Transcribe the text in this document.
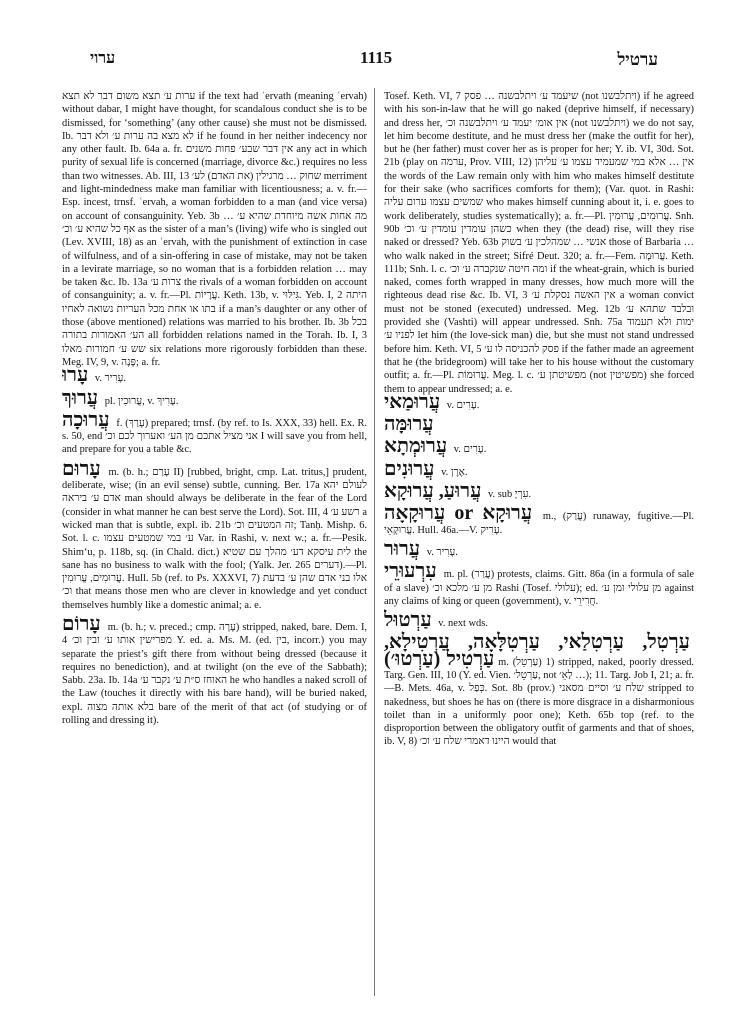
ערוי	1115	ערטיל
ערות ע׳ תצא משום דבר לא תצא if the text had ʿervath (meaning ʿervah) without dabar, I might have thought, for scandalous conduct she is to be dismissed, for ‘something’ (any other cause) she must not be dismissed. Ib. לא מצא בה ערות ע׳ ולא דבר if he found in her neither indecency nor any other fault. Ib. 64a a. fr. אין דבר שבע׳ פחות משנים any act in which purity of sexual life is concerned (marriage, divorce &c.) requires no less than two witnesses. Ab. III, 13 שחוק … מרגילין (את האדם) לע׳ merriment and light-mindedness make man familiar with licentiousness; a. v. fr.—Esp. incest, trnsf. ʿervah, a woman forbidden to a man (and vice versa) on account of consanguinity. Yeb. 3b מה אחות אשה מיוחדת שהיא ע׳ … אף כל שהיא ע׳ וכ׳ as the sister of a man’s (living) wife who is singled out (Lev. XVIII, 18) as an ʿervah, with the punishment of extinction in case of wilfulness, and of a sin-offering in case of mistake, may not be taken in a levirate marriage, so no woman that is a forbidden relation … may be taken &c. Ib. 13a צרות ע׳ the rivals of a woman forbidden on account of consanguinity; a. v. fr.—Pl. עֲרָיוֹת. Keth. 13b, v. גִּילּוּי. Yeb. I, 2 היתה בתו או אחת מכל העריות נשואה לאחיו if a man’s daughter or any other of those (above mentioned) relations was married to his brother. Ib. 3b בכל הע׳ האמורות בתורה all forbidden relations named in the Torah. Ib. I, 3 שש ע׳ חמורות מאלו six relations more rigorously forbidden than these. Meg. IV, 9, v. פָּנָה; a. fr.
עָרוּ v. עָרִיר.
עֲרוּךְ pl. עֲרוּכִין, v. עָרִיךְ.
עֲרוּכָה f. (עָרַךְ) prepared; trnsf. (by ref. to Is. XXX, 33) hell. Ex. R. s. 50, end אני מציל אתכם מן הע׳ ואערוך לכם וכ׳ I will save you from hell, and prepare for you a table &c.
עָרוּם m. (b. h.; עָרַם II) [rubbed, bright, cmp. Lat. tritus,] prudent, deliberate, wise; (in an evil sense) subtle, cunning. Ber. 17a לעולם יהא אדם ע׳ ביראה man should always be deliberate in the fear of the Lord (consider in what manner he can best serve the Lord). Sot. III, 4 רשע ע׳ a wicked man that is subtle, expl. ib. 21b זה המטעים וכ׳; Tanḥ. Mishp. 6. Sot. l. c. ע׳ במי שמטעים עצמו Var. in Rashi, v. next w.; a. fr.—Pesik. Shim‘u, p. 118b, sq. (in Chald. dict.) לית עיסקא דע׳ מהלך עם שטיא the sane has no business to walk with the fool; (Yalk. Jer. 265 דערים).—Pl. עֲרוּמִים, עֲרוּמִין. Hull. 5b (ref. to Ps. XXXVI, 7) אלו בני אדם שהן ע׳ בדעת וכ׳ that means those men who are clever in knowledge and yet conduct themselves humbly like a domestic animal; a. e.
עָרוֹם m. (b. h.; v. preced.; cmp. עָרָה) stripped, naked, bare. Dem. I, 4 מפרישין אותו ע׳ ובין וכ׳ Y. ed. a. Ms. M. (ed. בין, incorr.) you may separate the priest’s gift there from without being dressed (because it requires no benediction), and at twilight (on the eve of the Sabbath); Sabb. 23a. Ib. 14a האוחז ס״ת ע׳ נקבר ע׳ he who handles a naked scroll of the Law (touches it directly with his bare hand), will be buried naked, expl. בלא אותה מצוה bare of the merit of that act (of studying or of rolling and dressing it).
Tosef. Keth. VI, 7 שיעמד ע׳ ויתלבשנה … פסק (not ויתלבשנו) if he agreed with his son-in-law that he will go naked (deprive himself, if necessary) and dress her, אין אומ׳ יעמד ע׳ ויתלבשנה וכ׳ (not ויתלבשנו) we do not say, let him become destitute, and he must dress her (make the outfit for her), but he (her father) must cover her as is proper for her; Y. ib. VI, 30d. Sot. 21b (play on ערמה, Prov. VIII, 12) אין … אלא במי שמעמיד עצמו ע׳ עליהן the words of the Law remain only with him who makes himself destitute for their sake (who sacrifices comforts for them); (Var. quot. in Rashi: שמשים עצמו ערום עליה who makes himself cunning about it, i. e. goes to work deliberately, studies systematically); a. fr.—Pl. עֲרוּמִים, עֲרוּמִין. Snh. 90b כשהן עומדין עומדין ע׳ וכ׳ when they (the dead) rise, will they rise naked or dressed? Yeb. 63b אנשי … שמהלכין ע׳ בשוק those of Barbaria … who walk naked in the street; Sifré Deut. 320; a. fr.—Fem. עֲרוּמָה. Keth. 111b; Snh. l. c. ומה חיטה שנקברה ע׳ וכ׳ if the wheat-grain, which is buried naked, comes forth wrapped in many dresses, how much more will the righteous dead rise &c. Ib. VI, 3 אין האשה נסקלת ע׳ a woman convict must not be stoned (executed) undressed. Meg. 12b ובלבד שתהא ע׳ provided she (Vashti) will appear undressed. Snh. 75a ימות ולא תעמוד לפניו ע׳ let him (the love-sick man) die, but she must not stand undressed before him. Keth. VI, 5 פסק להכניסה לו ע׳ if the father made an agreement that he (the bridegroom) will take her to his house without the customary outfit; a. fr.—Pl. עֲרוּמוֹת. Meg. l. c. מפשיטתן ע׳ (not מפשיטין) she forced them to appear undressed; a. e.
עֲרוּמַאי v. עָרִים.
עֲרוּמָּה
עֲרוּמְתָא v. עָרִים.
עֲרוּנִים v. אֶרֶן.
עֲרוּעַ, עֲרוּקָא v. sub עִרְיָ.
עֲרוּקָא or עֲרוּקָאָה m., (עֲרַק) runaway, fugitive.—Pl. עֲרוּקָאֵי. Hull. 46a.—V. עָרִיק.
עֲרוּר v. עָרִיר.
עִרְעוּרֵי m. pl. (עֲרַר) protests, claims. Gitt. 86a (in a formula of sale of a slave) מן ע׳ מלכא וכ׳ Rashi (Tosef. עלולי); ed. מן עלולי ומן ע׳ against any claims of king or queen (government), v. חֲרִירֵי.
עַרְטוּל v. next wds.
עַרְטִל, עַרְטִלַאי, עַרְטִלָּאָה, עַרְטִילָא, עַרְטִיל (עַרְטוּ׳) m. (עַרְטֵל) 1) stripped, naked, poorly dressed. Targ. Gen. III, 10 (Y. ed. Vien. עַרְטֵל׳, not לַאֵ׳ …); 11. Targ. Job I, 21; a. fr.—B. Mets. 46a, v. כְּפַל. Sot. 8b (prov.) שלח ע׳ וסיים מסאני stripped to nakedness, but shoes he has on (there is more disgrace in a disharmonious toilet than in a uniformly poor one); Keth. 65b top (ref. to the disproportion between the obligatory outfit of garments and that of shoes, ib. V, 8) היינו דאמרי שלח ע׳ וכ׳ would that
